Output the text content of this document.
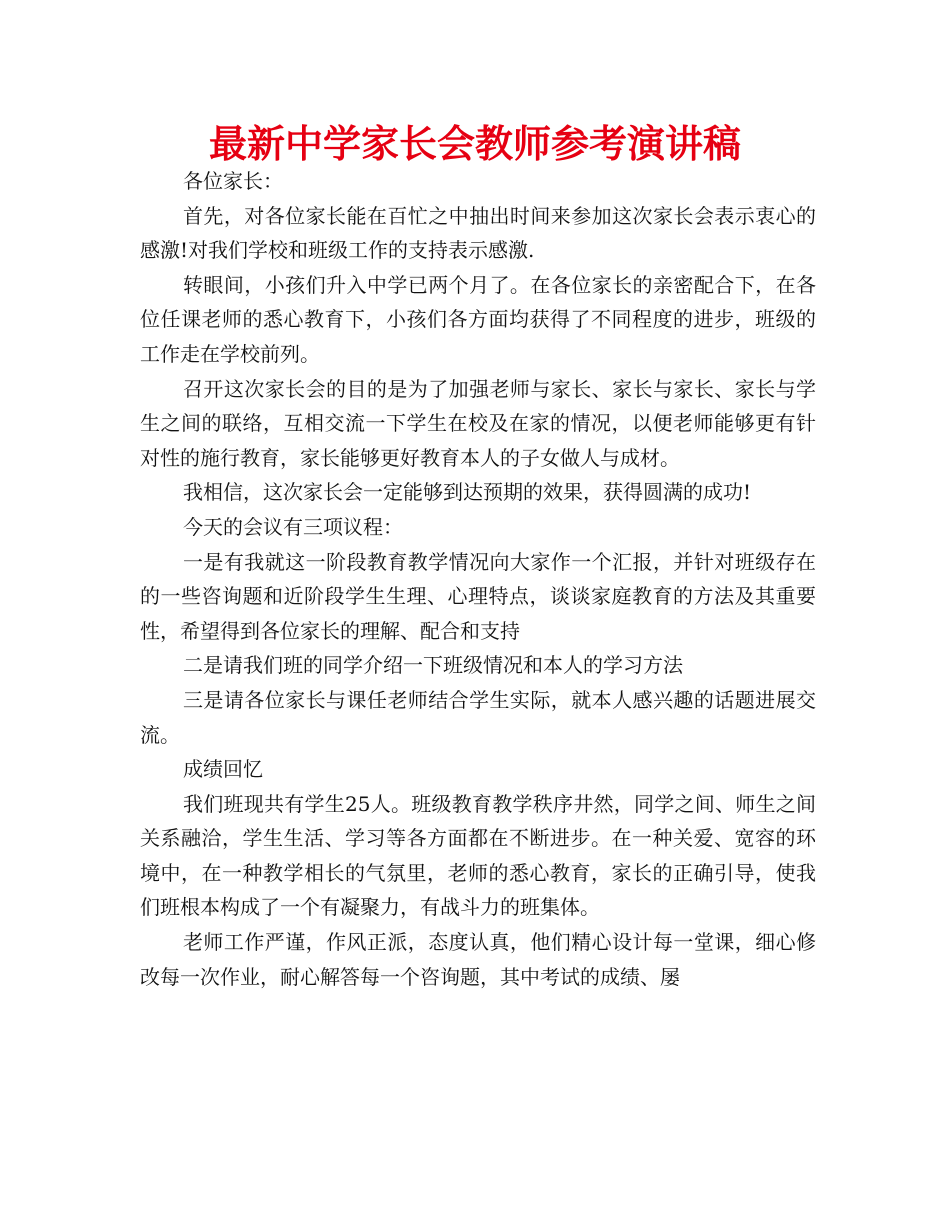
最新中学家长会教师参考演讲稿

各位家长：

首先，对各位家长能在百忙之中抽出时间来参加这次家长会表示衷心的感激!对我们学校和班级工作的支持表示感激.

转眼间，小孩们升入中学已两个月了。在各位家长的亲密配合下，在各位任课老师的悉心教育下，小孩们各方面均获得了不同程度的进步，班级的工作走在学校前列。

召开这次家长会的目的是为了加强老师与家长、家长与家长、家长与学生之间的联络，互相交流一下学生在校及在家的情况，以便老师能够更有针对性的施行教育，家长能够更好教育本人的子女做人与成材。

我相信，这次家长会一定能够到达预期的效果，获得圆满的成功!

今天的会议有三项议程：

一是有我就这一阶段教育教学情况向大家作一个汇报，并针对班级存在的一些咨询题和近阶段学生生理、心理特点，谈谈家庭教育的方法及其重要性，希望得到各位家长的理解、配合和支持

二是请我们班的同学介绍一下班级情况和本人的学习方法

三是请各位家长与课任老师结合学生实际，就本人感兴趣的话题进展交流。

成绩回忆

我们班现共有学生25人。班级教育教学秩序井然，同学之间、师生之间关系融洽，学生生活、学习等各方面都在不断进步。在一种关爱、宽容的环境中，在一种教学相长的气氛里，老师的悉心教育，家长的正确引导，使我们班根本构成了一个有凝聚力，有战斗力的班集体。

老师工作严谨，作风正派，态度认真，他们精心设计每一堂课，细心修改每一次作业，耐心解答每一个咨询题，其中考试的成绩、屡
